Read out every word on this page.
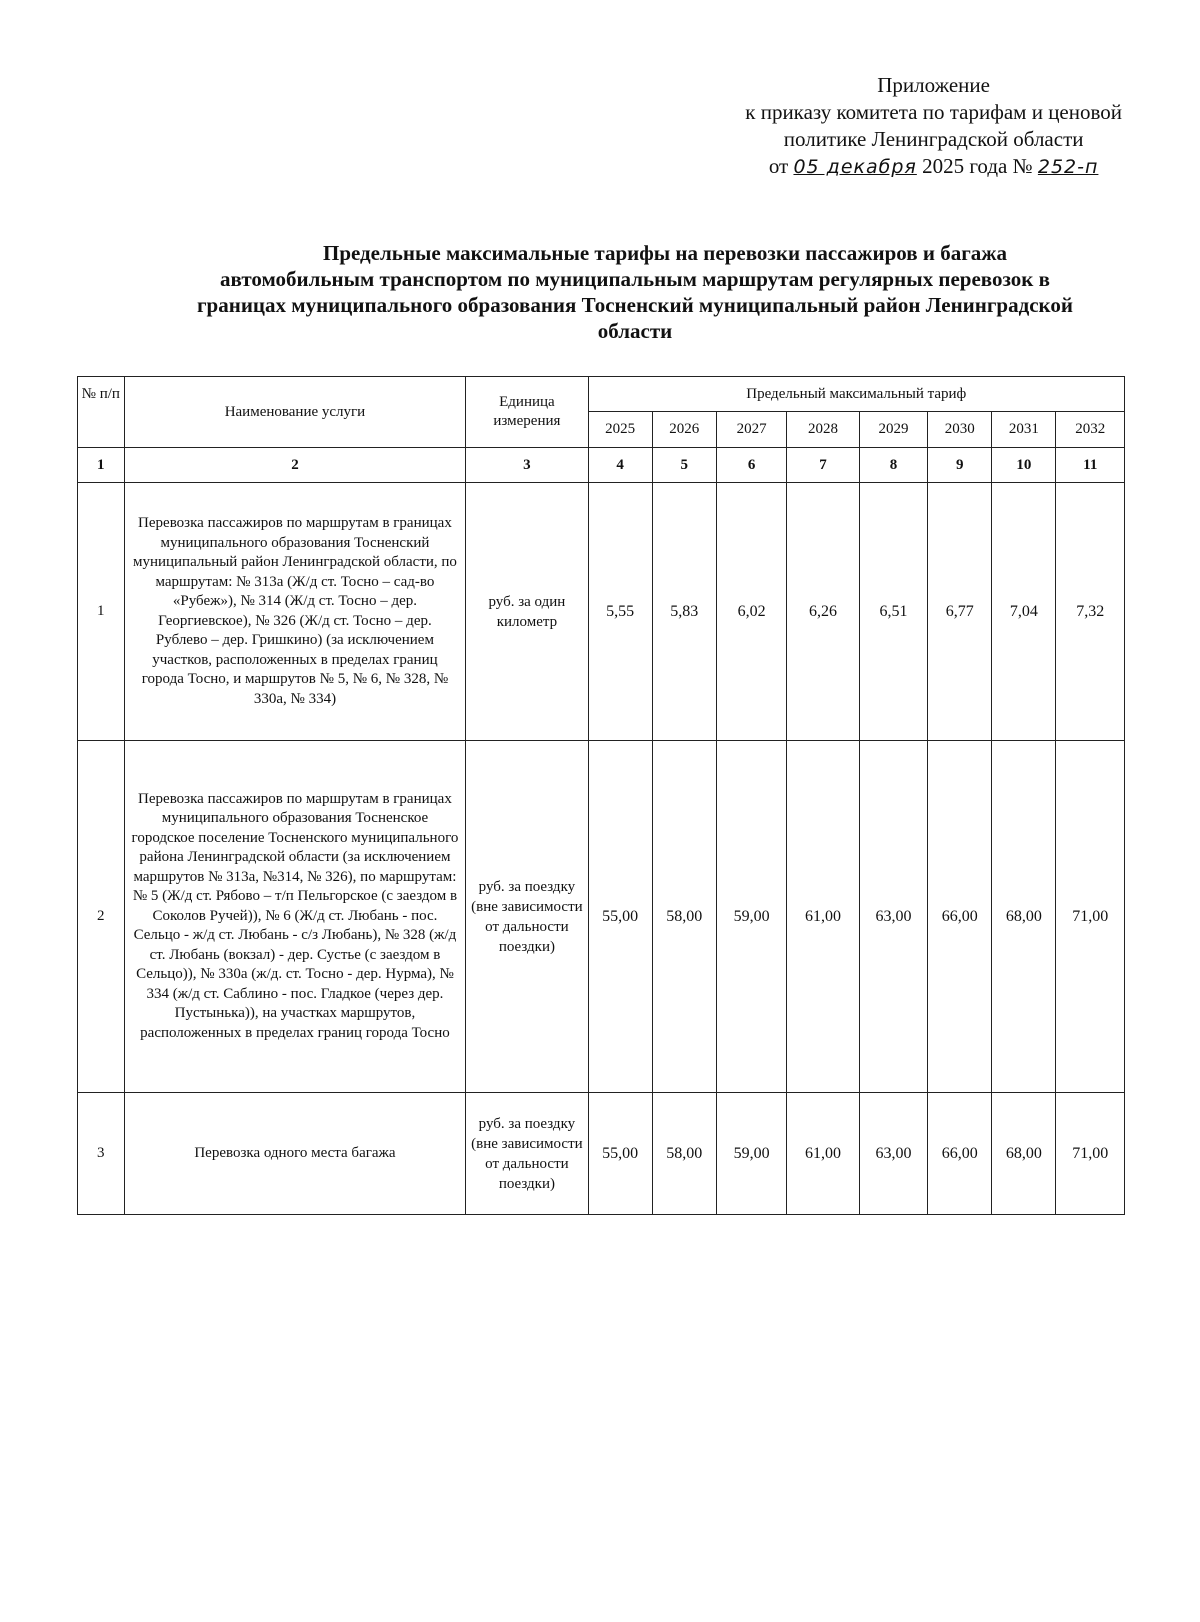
Приложение
к приказу комитета по тарифам и ценовой
политике Ленинградской области
от 05 декабря 2025 года № 252-п
Предельные максимальные тарифы на перевозки пассажиров и багажа
автомобильным транспортом по муниципальным маршрутам регулярных перевозок в
границах муниципального образования Тосненский муниципальный район Ленинградской
области
№ п/п	Наименование услуги	Единица измерения	Предельный максимальный тариф							
			2025	2026	2027	2028	2029	2030	2031	2032
1	2	3	4	5	6	7	8	9	10	11
1	Перевозка пассажиров по маршрутам в границах муниципального образования Тосненский муниципальный район Ленинградской области, по маршрутам: № 313а (Ж/д ст. Тосно – сад-во «Рубеж»), № 314 (Ж/д ст. Тосно – дер. Георгиевское), № 326 (Ж/д ст. Тосно – дер. Рублево – дер. Гришкино) (за исключением участков, расположенных в пределах границ города Тосно, и маршрутов № 5, № 6, № 328, № 330а, № 334)	руб. за один километр	5,55	5,83	6,02	6,26	6,51	6,77	7,04	7,32
2	Перевозка пассажиров по маршрутам в границах муниципального образования Тосненское городское поселение Тосненского муниципального района Ленинградской области (за исключением маршрутов № 313а, №314, № 326), по маршрутам: № 5 (Ж/д ст. Рябово – т/п Пельгорское (с заездом в Соколов Ручей)), № 6 (Ж/д ст. Любань - пос. Сельцо - ж/д ст. Любань - с/з Любань), № 328 (ж/д ст. Любань (вокзал) - дер. Сустье (с заездом в Сельцо)), № 330а (ж/д. ст. Тосно - дер. Нурма), № 334 (ж/д ст. Саблино - пос. Гладкое (через дер. Пустынька)), на участках маршрутов, расположенных в пределах границ города Тосно	руб. за поездку (вне зависимости от дальности поездки)	55,00	58,00	59,00	61,00	63,00	66,00	68,00	71,00
3	Перевозка одного места багажа	руб. за поездку (вне зависимости от дальности поездки)	55,00	58,00	59,00	61,00	63,00	66,00	68,00	71,00
